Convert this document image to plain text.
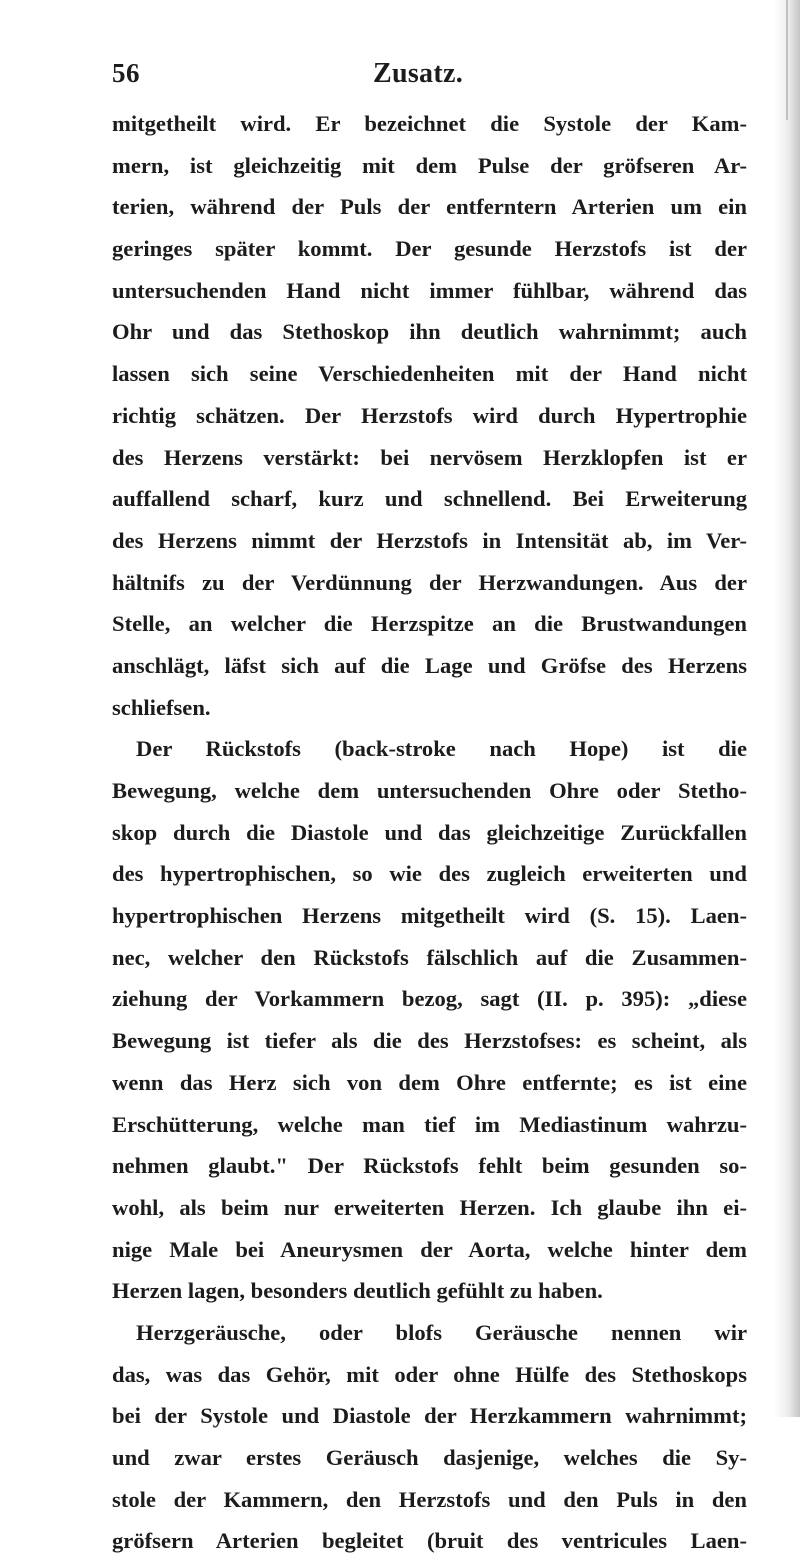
56	Zusatz.
mitgetheilt wird. Er bezeichnet die Systole der Kam-
mern, ist gleichzeitig mit dem Pulse der gröfseren Ar-
terien, während der Puls der entferntern Arterien um ein
geringes später kommt. Der gesunde Herzstofs ist der
untersuchenden Hand nicht immer fühlbar, während das
Ohr und das Stethoskop ihn deutlich wahrnimmt; auch
lassen sich seine Verschiedenheiten mit der Hand nicht
richtig schätzen. Der Herzstofs wird durch Hypertrophie
des Herzens verstärkt: bei nervösem Herzklopfen ist er
auffallend scharf, kurz und schnellend. Bei Erweiterung
des Herzens nimmt der Herzstofs in Intensität ab, im Ver-
hältnifs zu der Verdünnung der Herzwandungen. Aus der
Stelle, an welcher die Herzspitze an die Brustwandungen
anschlägt, läfst sich auf die Lage und Gröfse des Herzens
schliefsen.
Der Rückstofs (back-stroke nach Hope) ist die
Bewegung, welche dem untersuchenden Ohre oder Stetho-
skop durch die Diastole und das gleichzeitige Zurückfallen
des hypertrophischen, so wie des zugleich erweiterten und
hypertrophischen Herzens mitgetheilt wird (S. 15). Laen-
nec, welcher den Rückstofs fälschlich auf die Zusammen-
ziehung der Vorkammern bezog, sagt (II. p. 395): „diese
Bewegung ist tiefer als die des Herzstofses: es scheint, als
wenn das Herz sich von dem Ohre entfernte; es ist eine
Erschütterung, welche man tief im Mediastinum wahrzu-
nehmen glaubt." Der Rückstofs fehlt beim gesunden so-
wohl, als beim nur erweiterten Herzen. Ich glaube ihn ei-
nige Male bei Aneurysmen der Aorta, welche hinter dem
Herzen lagen, besonders deutlich gefühlt zu haben.
Herzgeräusche, oder blofs Geräusche nennen wir
das, was das Gehör, mit oder ohne Hülfe des Stethoskops
bei der Systole und Diastole der Herzkammern wahrnimmt;
und zwar erstes Geräusch dasjenige, welches die Sy-
stole der Kammern, den Herzstofs und den Puls in den
gröfsern Arterien begleitet (bruit des ventricules Laen-
